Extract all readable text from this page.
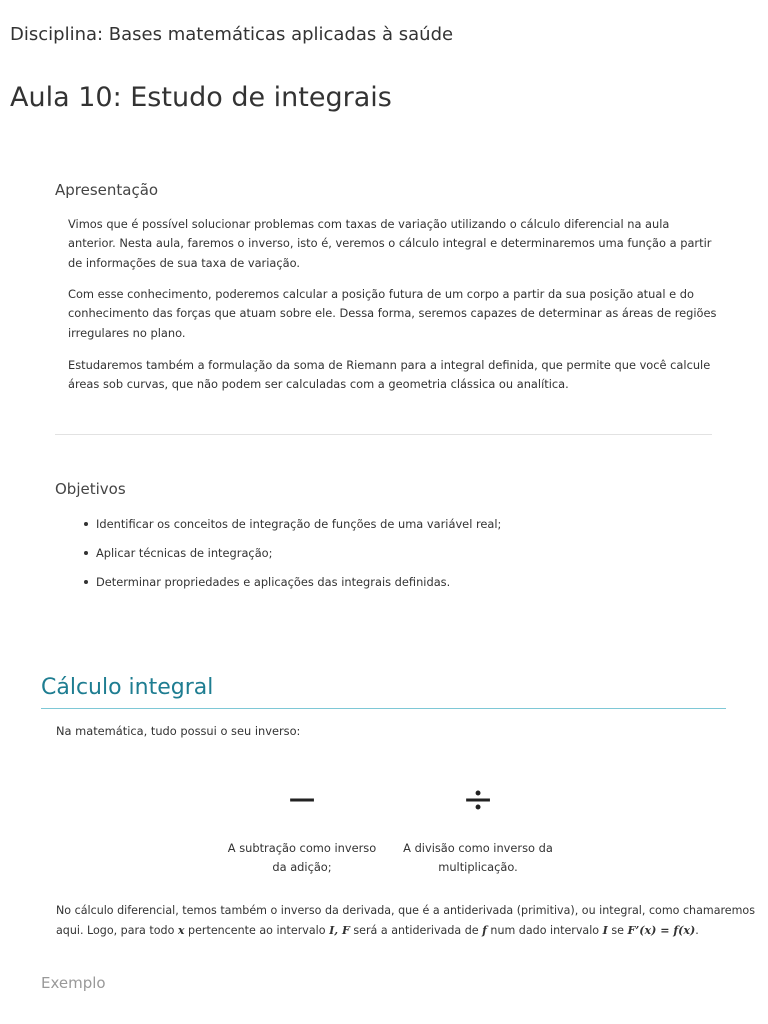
Disciplina: Bases matemáticas aplicadas à saúde
Aula 10: Estudo de integrais
Apresentação

Vimos que é possível solucionar problemas com taxas de variação utilizando o cálculo diferencial na aula anterior. Nesta aula, faremos o inverso, isto é, veremos o cálculo integral e determinaremos uma função a partir de informações de sua taxa de variação.

Com esse conhecimento, poderemos calcular a posição futura de um corpo a partir da sua posição atual e do conhecimento das forças que atuam sobre ele. Dessa forma, seremos capazes de determinar as áreas de regiões irregulares no plano.

Estudaremos também a formulação da soma de Riemann para a integral definida, que permite que você calcule áreas sob curvas, que não podem ser calculadas com a geometria clássica ou analítica.

Objetivos
Identificar os conceitos de integração de funções de uma variável real;
Aplicar técnicas de integração;
Determinar propriedades e aplicações das integrais definidas.
Cálculo integral
Na matemática, tudo possui o seu inverso:
−
A subtração como inverso
da adição;
÷
A divisão como inverso da
multiplicação.
No cálculo diferencial, temos também o inverso da derivada, que é a antiderivada (primitiva), ou integral, como chamaremos
aqui. Logo, para todo x pertencente ao intervalo I, F será a antiderivada de f num dado intervalo I se F’(x) = f(x).
Exemplo
